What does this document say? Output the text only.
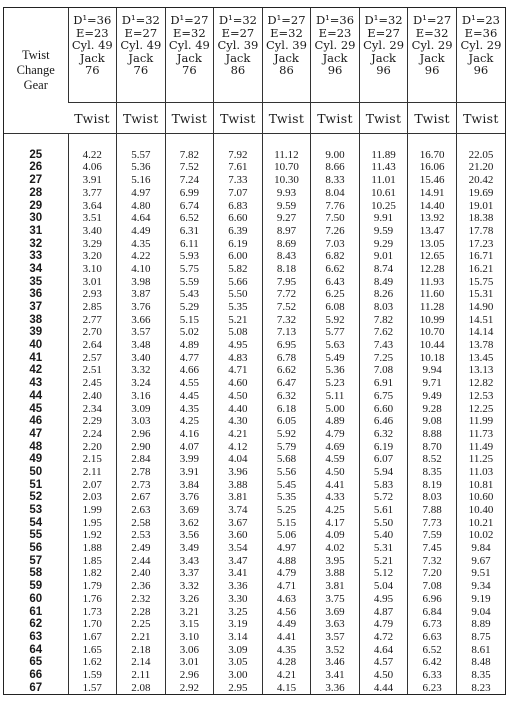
Twist
Change
Gear	D¹=36
E=23
Cyl. 49
Jack
76	D¹=32
E=27
Cyl. 49
Jack
76	D¹=27
E=32
Cyl. 49
Jack
76	D¹=32
E=27
Cyl. 39
Jack
86	D¹=27
E=32
Cyl. 39
Jack
86	D¹=36
E=23
Cyl. 29
Jack
96	D¹=32
E=27
Cyl. 29
Jack
96	D¹=27
E=32
Cyl. 29
Jack
96	D¹=23
E=36
Cyl. 29
Jack
96

	Twist	Twist	Twist	Twist	Twist	Twist	Twist	Twist	Twist

25	4.22	5.57	7.82	7.92	11.12	9.00	11.89	16.70	22.05
26	4.06	5.36	7.52	7.61	10.70	8.66	11.43	16.06	21.20
27	3.91	5.16	7.24	7.33	10.30	8.33	11.01	15.46	20.42
28	3.77	4.97	6.99	7.07	9.93	8.04	10.61	14.91	19.69
29	3.64	4.80	6.74	6.83	9.59	7.76	10.25	14.40	19.01
30	3.51	4.64	6.52	6.60	9.27	7.50	9.91	13.92	18.38
31	3.40	4.49	6.31	6.39	8.97	7.26	9.59	13.47	17.78
32	3.29	4.35	6.11	6.19	8.69	7.03	9.29	13.05	17.23
33	3.20	4.22	5.93	6.00	8.43	6.82	9.01	12.65	16.71
34	3.10	4.10	5.75	5.82	8.18	6.62	8.74	12.28	16.21
35	3.01	3.98	5.59	5.66	7.95	6.43	8.49	11.93	15.75
36	2.93	3.87	5.43	5.50	7.72	6.25	8.26	11.60	15.31
37	2.85	3.76	5.29	5.35	7.52	6.08	8.03	11.28	14.90
38	2.77	3.66	5.15	5.21	7.32	5.92	7.82	10.99	14.51
39	2.70	3.57	5.02	5.08	7.13	5.77	7.62	10.70	14.14
40	2.64	3.48	4.89	4.95	6.95	5.63	7.43	10.44	13.78
41	2.57	3.40	4.77	4.83	6.78	5.49	7.25	10.18	13.45
42	2.51	3.32	4.66	4.71	6.62	5.36	7.08	9.94	13.13
43	2.45	3.24	4.55	4.60	6.47	5.23	6.91	9.71	12.82
44	2.40	3.16	4.45	4.50	6.32	5.11	6.75	9.49	12.53
45	2.34	3.09	4.35	4.40	6.18	5.00	6.60	9.28	12.25
46	2.29	3.03	4.25	4.30	6.05	4.89	6.46	9.08	11.99
47	2.24	2.96	4.16	4.21	5.92	4.79	6.32	8.88	11.73
48	2.20	2.90	4.07	4.12	5.79	4.69	6.19	8.70	11.49
49	2.15	2.84	3.99	4.04	5.68	4.59	6.07	8.52	11.25
50	2.11	2.78	3.91	3.96	5.56	4.50	5.94	8.35	11.03
51	2.07	2.73	3.84	3.88	5.45	4.41	5.83	8.19	10.81
52	2.03	2.67	3.76	3.81	5.35	4.33	5.72	8.03	10.60
53	1.99	2.63	3.69	3.74	5.25	4.25	5.61	7.88	10.40
54	1.95	2.58	3.62	3.67	5.15	4.17	5.50	7.73	10.21
55	1.92	2.53	3.56	3.60	5.06	4.09	5.40	7.59	10.02
56	1.88	2.49	3.49	3.54	4.97	4.02	5.31	7.45	9.84
57	1.85	2.44	3.43	3.47	4.88	3.95	5.21	7.32	9.67
58	1.82	2.40	3.37	3.41	4.79	3.88	5.12	7.20	9.51
59	1.79	2.36	3.32	3.36	4.71	3.81	5.04	7.08	9.34
60	1.76	2.32	3.26	3.30	4.63	3.75	4.95	6.96	9.19
61	1.73	2.28	3.21	3.25	4.56	3.69	4.87	6.84	9.04
62	1.70	2.25	3.15	3.19	4.49	3.63	4.79	6.73	8.89
63	1.67	2.21	3.10	3.14	4.41	3.57	4.72	6.63	8.75
64	1.65	2.18	3.06	3.09	4.35	3.52	4.64	6.52	8.61
65	1.62	2.14	3.01	3.05	4.28	3.46	4.57	6.42	8.48
66	1.59	2.11	2.96	3.00	4.21	3.41	4.50	6.33	8.35
67	1.57	2.08	2.92	2.95	4.15	3.36	4.44	6.23	8.23
